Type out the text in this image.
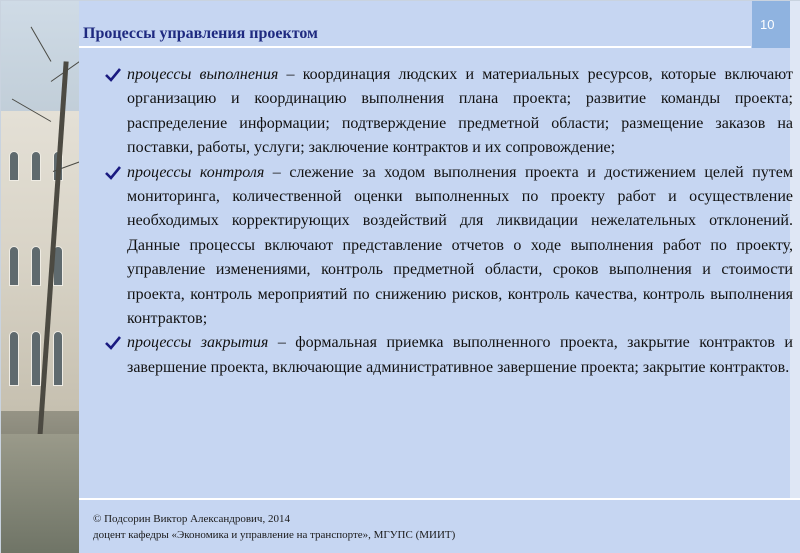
Процессы управления проектом
10
процессы выполнения – координация людских и материальных ресурсов, которые включают организацию и координацию выполнения плана проекта; развитие команды проекта; распределение информации; подтверждение предметной области; размещение заказов на поставки, работы, услуги; заключение контрактов и их сопровождение;
процессы контроля – слежение за ходом выполнения проекта и достижением целей путем мониторинга, количественной оценки выполненных по проекту работ и осуществление необходимых корректирующих воздействий для ликвидации нежелательных отклонений. Данные процессы включают представление отчетов о ходе выполнения работ по проекту, управление изменениями, контроль предметной области, сроков выполнения и стоимости проекта, контроль мероприятий по снижению рисков, контроль качества, контроль выполнения контрактов;
процессы закрытия – формальная приемка выполненного проекта, закрытие контрактов и завершение проекта, включающие административное завершение проекта; закрытие контрактов.
© Подсорин Виктор Александрович, 2014
доцент кафедры «Экономика и управление на транспорте», МГУПС (МИИТ)
